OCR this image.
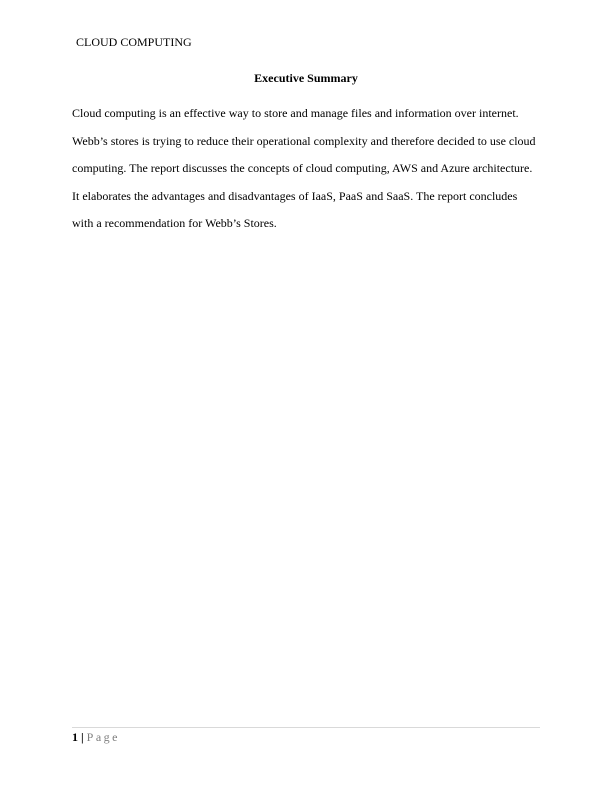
CLOUD COMPUTING
Executive Summary
Cloud computing is an effective way to store and manage files and information over internet.
Webb’s stores is trying to reduce their operational complexity and therefore decided to use cloud
computing. The report discusses the concepts of cloud computing, AWS and Azure architecture.
It elaborates the advantages and disadvantages of IaaS, PaaS and SaaS. The report concludes
with a recommendation for Webb’s Stores.
1 | Page
